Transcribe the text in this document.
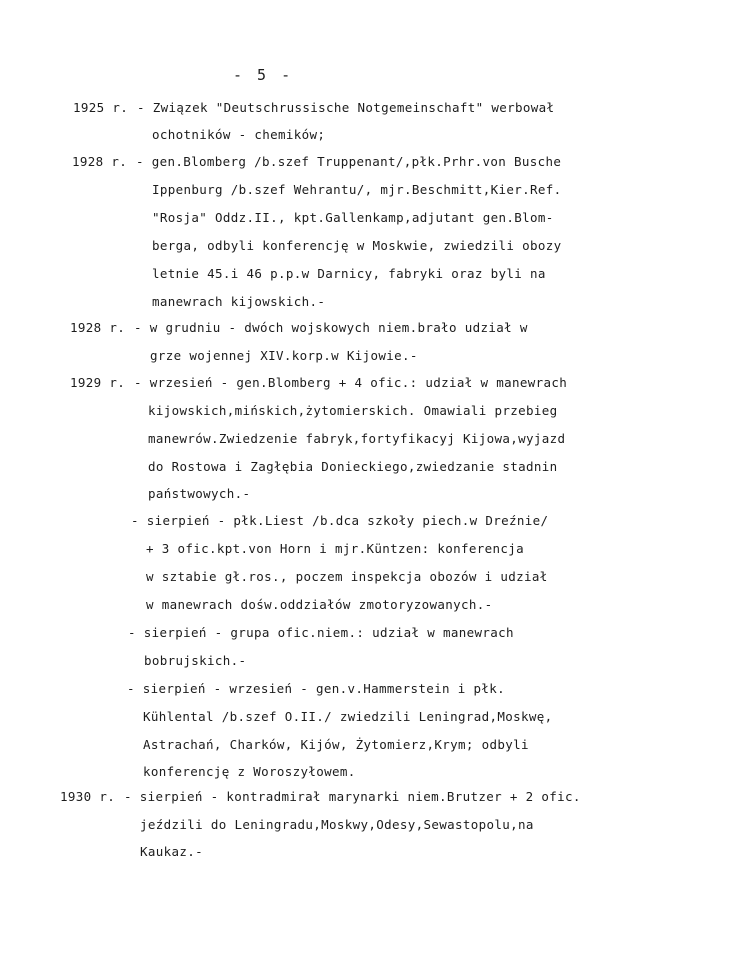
- 5 -
1925 r. - Związek "Deutschrussische Notgemeinschaft" werbował
ochotników - chemików;
1928 r. - gen.Blomberg /b.szef Truppenant/,płk.Prhr.von Busche
Ippenburg /b.szef Wehrantu/, mjr.Beschmitt,Kier.Ref.
"Rosja" Oddz.II., kpt.Gallenkamp,adjutant gen.Blom-
berga, odbyli konferencję w Moskwie, zwiedzili obozy
letnie 45.i 46 p.p.w Darnicy, fabryki oraz byli na
manewrach kijowskich.-
1928 r. - w grudniu - dwóch wojskowych niem.brało udział w
grze wojennej XIV.korp.w Kijowie.-
1929 r. - wrzesień - gen.Blomberg + 4 ofic.: udział w manewrach
kijowskich,mińskich,żytomierskich. Omawiali przebieg
manewrów.Zwiedzenie fabryk,fortyfikacyj Kijowa,wyjazd
do Rostowa i Zagłębia Donieckiego,zwiedzanie stadnin
państwowych.-
- sierpień - płk.Liest /b.dca szkoły piech.w Dreźnie/
+ 3 ofic.kpt.von Horn i mjr.Küntzen: konferencja
w sztabie gł.ros., poczem inspekcja obozów i udział
w manewrach dośw.oddziałów zmotoryzowanych.-
- sierpień - grupa ofic.niem.: udział w manewrach
bobrujskich.-
- sierpień - wrzesień - gen.v.Hammerstein i płk.
Kühlental /b.szef O.II./ zwiedzili Leningrad,Moskwę,
Astrachań, Charków, Kijów, Żytomierz,Krym; odbyli
konferencję z Woroszyłowem.
1930 r. - sierpień - kontradmirał marynarki niem.Brutzer + 2 ofic.
jeździli do Leningradu,Moskwy,Odesy,Sewastopolu,na
Kaukaz.-
